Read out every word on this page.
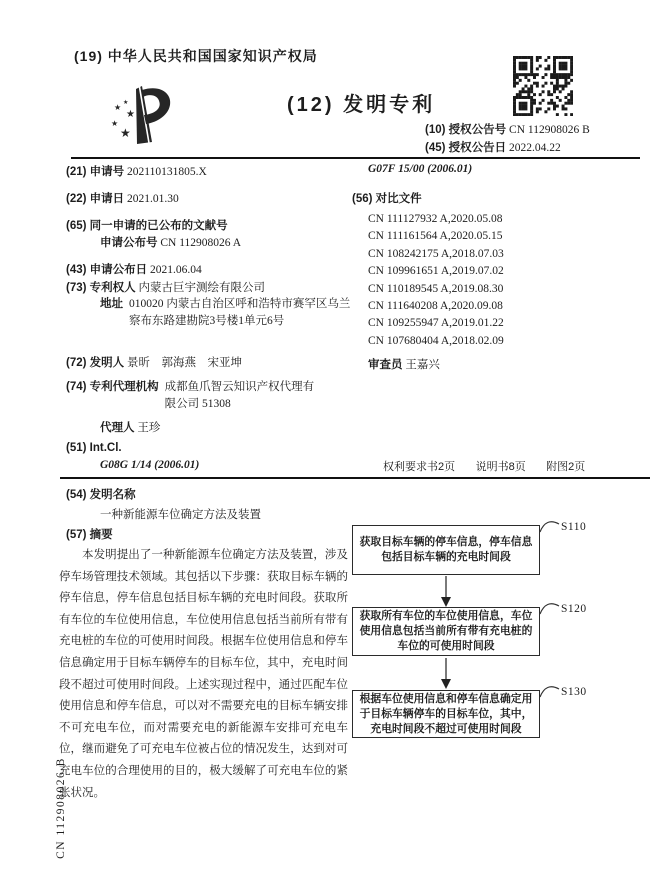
(19) 中华人民共和国国家知识产权局
★ ★
★
★
★
(12) 发明专利
(10) 授权公告号 CN 112908026 B
(45) 授权公告日 2022.04.22
(21) 申请号 202110131805.X
(22) 申请日 2021.01.30
(65) 同一申请的已公布的文献号
申请公布号 CN 112908026 A
(43) 申请公布日 2021.06.04
(73) 专利权人 内蒙古巨宇测绘有限公司
地址 010020 内蒙古自治区呼和浩特市赛罕区乌兰察布东路建勘院3号楼1单元6号
(72) 发明人 景昕　郭海燕　宋亚坤
(74) 专利代理机构 成都鱼爪智云知识产权代理有限公司 51308
代理人 王珍
(51) Int.Cl.
G08G 1/14 (2006.01)
G07F 15/00 (2006.01)
(56) 对比文件
CN 111127932 A,2020.05.08
CN 111161564 A,2020.05.15
CN 108242175 A,2018.07.03
CN 109961651 A,2019.07.02
CN 110189545 A,2019.08.30
CN 111640208 A,2020.09.08
CN 109255947 A,2019.01.22
CN 107680404 A,2018.02.09
审查员 王嘉兴
权利要求书2页 说明书8页 附图2页
(54) 发明名称
一种新能源车位确定方法及装置
(57) 摘要
本发明提出了一种新能源车位确定方法及装置，涉及停车场管理技术领域。其包括以下步骤：获取目标车辆的停车信息，停车信息包括目标车辆的充电时间段。获取所有车位的车位使用信息，车位使用信息包括当前所有带有充电桩的车位的可使用时间段。根据车位使用信息和停车信息确定用于目标车辆停车的目标车位，其中，充电时间段不超过可使用时间段。上述实现过程中，通过匹配车位使用信息和停车信息，可以对不需要充电的目标车辆安排不可充电车位，而对需要充电的新能源车安排可充电车位，继而避免了可充电车位被占位的情况发生，达到对可充电车位的合理使用的目的，极大缓解了可充电车位的紧张状况。
获取目标车辆的停车信息，停车信息包括目标车辆的充电时间段
获取所有车位的车位使用信息，车位使用信息包括当前所有带有充电桩的车位的可使用时间段
根据车位使用信息和停车信息确定用于目标车辆停车的目标车位，其中，充电时间段不超过可使用时间段
S110
S120
S130
CN 112908026 B
